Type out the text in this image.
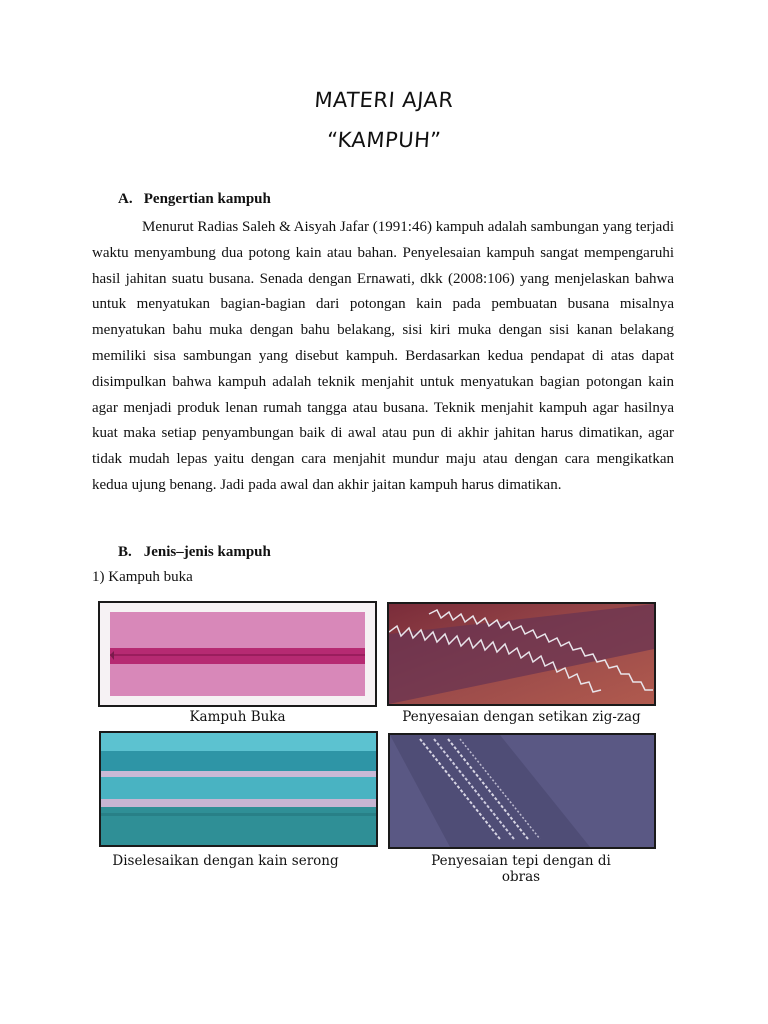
MATERI AJAR
“KAMPUH”
A. Pengertian kampuh

Menurut Radias Saleh & Aisyah Jafar (1991:46) kampuh adalah sambungan yang terjadi waktu menyambung dua potong kain atau bahan. Penyelesaian kampuh sangat mempengaruhi hasil jahitan suatu busana. Senada dengan Ernawati, dkk (2008:106) yang menjelaskan bahwa untuk menyatukan bagian-bagian dari potongan kain pada pembuatan busana misalnya menyatukan bahu muka dengan bahu belakang, sisi kiri muka dengan sisi kanan belakang memiliki sisa sambungan yang disebut kampuh. Berdasarkan kedua pendapat di atas dapat disimpulkan bahwa kampuh adalah teknik menjahit untuk menyatukan bagian potongan kain agar menjadi produk lenan rumah tangga atau busana. Teknik menjahit kampuh agar hasilnya kuat maka setiap penyambungan baik di awal atau pun di akhir jahitan harus dimatikan, agar tidak mudah lepas yaitu dengan cara menjahit mundur maju atau dengan cara mengikatkan kedua ujung benang. Jadi pada awal dan akhir jaitan kampuh harus dimatikan.

B. Jenis–jenis kampuh
1) Kampuh buka
Kampuh Buka	Penyesaian dengan setikan zig-zag
Diselesaikan dengan kain serong	Penyesaian tepi dengan di obras
